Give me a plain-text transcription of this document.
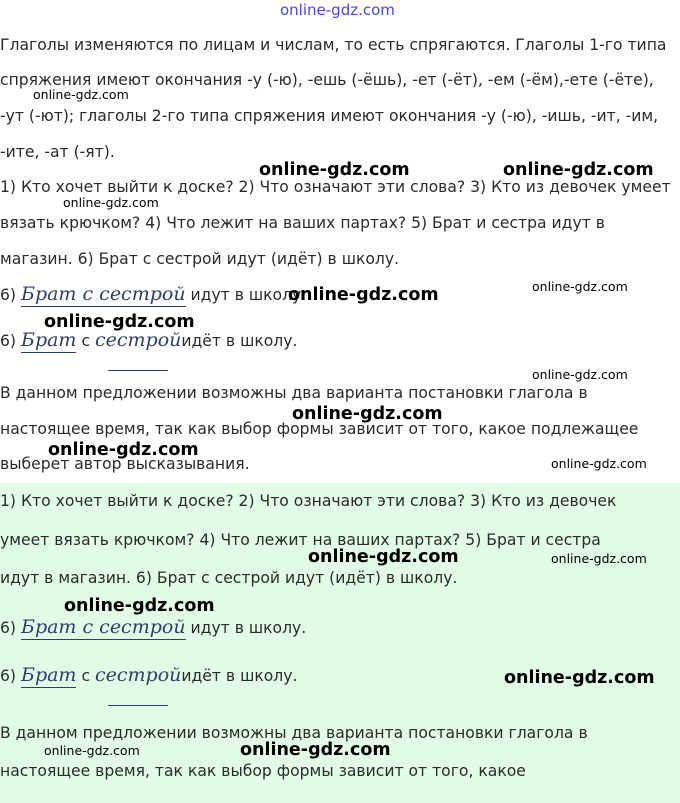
Глаголы изменяются по лицам и числам, то есть спрягаются. Глаголы 1-го типа

спряжения имеют окончания -у (-ю), -ешь (-ёшь), -ет (-ёт), -ем (-ём),-ете (-ёте),

-ут (-ют); глаголы 2-го типа спряжения имеют окончания -у (-ю), -ишь, -ит, -им,

-ите, -ат (-ят).

1) Кто хочет выйти к доске? 2) Что означают эти слова? 3) Кто из девочек умеет

вязать крючком? 4) Что лежит на ваших партах? 5) Брат и сестра идут в

магазин. 6) Брат с сестрой идут (идёт) в школу.

6) Брат с сестрой идут в школу.

6) Брат с сестройидёт в школу.

В данном предложении возможны два варианта постановки глагола в

настоящее время, так как выбор формы зависит от того, какое подлежащее

выберет автор высказывания.

1) Кто хочет выйти к доске? 2) Что означают эти слова? 3) Кто из девочек

умеет вязать крючком? 4) Что лежит на ваших партах? 5) Брат и сестра

идут в магазин. 6) Брат с сестрой идут (идёт) в школу.

6) Брат с сестрой идут в школу.

6) Брат с сестройидёт в школу.

В данном предложении возможны два варианта постановки глагола в

настоящее время, так как выбор формы зависит от того, какое

online-gdz.com
online-gdz.com
online-gdz.com
online-gdz.com	online-gdz.com
online-gdz.com	online-gdz.com
online-gdz.com
online-gdz.com
online-gdz.com
online-gdz.com
online-gdz.com
online-gdz.com	online-gdz.com
online-gdz.com
online-gdz.com
online-gdz.com	online-gdz.com
